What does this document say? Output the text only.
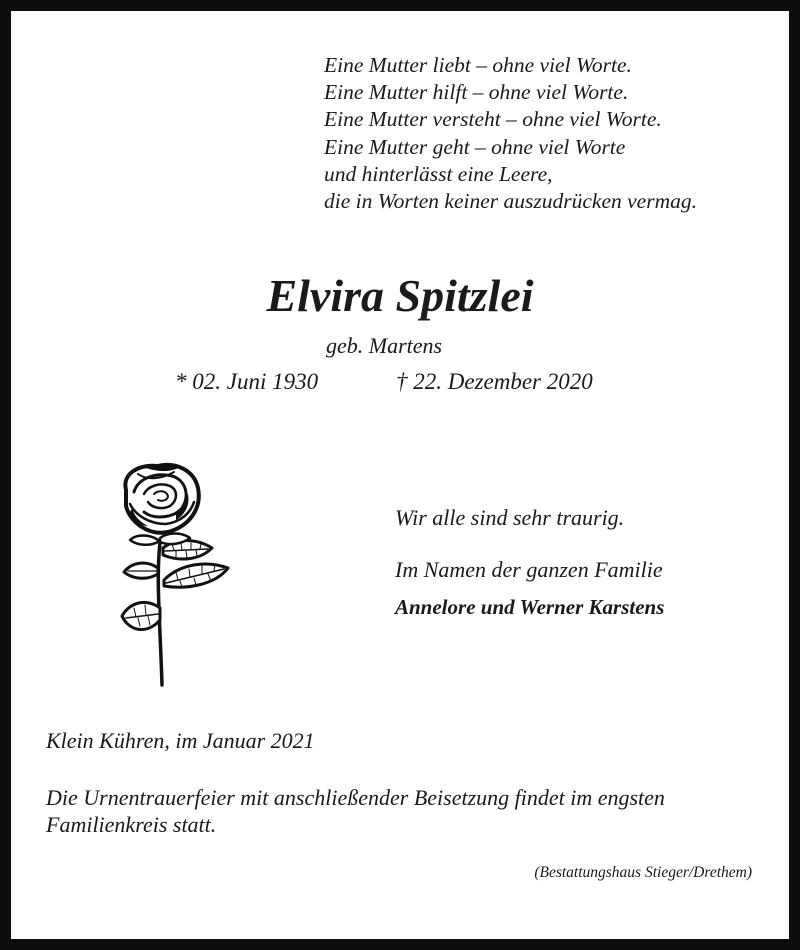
Eine Mutter liebt – ohne viel Worte.
Eine Mutter hilft – ohne viel Worte.
Eine Mutter versteht – ohne viel Worte.
Eine Mutter geht – ohne viel Worte
und hinterlässt eine Leere,
die in Worten keiner auszudrücken vermag.
Elvira Spitzlei
geb. Martens
* 02. Juni 1930	† 22. Dezember 2020
Wir alle sind sehr traurig.
Im Namen der ganzen Familie
Annelore und Werner Karstens
Klein Kühren, im Januar 2021

Die Urnentrauerfeier mit anschließender Beisetzung findet im engsten Familienkreis statt.

(Bestattungshaus Stieger/Drethem)
